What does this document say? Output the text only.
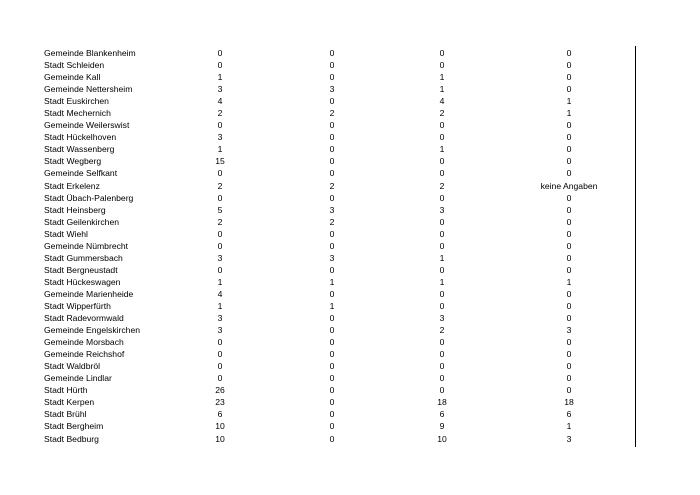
Gemeinde Blankenheim	0	0	0	0
Stadt Schleiden	0	0	0	0
Gemeinde Kall	1	0	1	0
Gemeinde Nettersheim	3	3	1	0
Stadt Euskirchen	4	0	4	1
Stadt Mechernich	2	2	2	1
Gemeinde Weilerswist	0	0	0	0
Stadt Hückelhoven	3	0	0	0
Stadt Wassenberg	1	0	1	0
Stadt Wegberg	15	0	0	0
Gemeinde Selfkant	0	0	0	0
Stadt Erkelenz	2	2	2	keine Angaben
Stadt Übach-Palenberg	0	0	0	0
Stadt Heinsberg	5	3	3	0
Stadt Geilenkirchen	2	2	0	0
Stadt Wiehl	0	0	0	0
Gemeinde Nümbrecht	0	0	0	0
Stadt Gummersbach	3	3	1	0
Stadt Bergneustadt	0	0	0	0
Stadt Hückeswagen	1	1	1	1
Gemeinde Marienheide	4	0	0	0
Stadt Wipperfürth	1	1	0	0
Stadt Radevormwald	3	0	3	0
Gemeinde Engelskirchen	3	0	2	3
Gemeinde Morsbach	0	0	0	0
Gemeinde Reichshof	0	0	0	0
Stadt Waldbröl	0	0	0	0
Gemeinde Lindlar	0	0	0	0
Stadt Hürth	26	0	0	0
Stadt Kerpen	23	0	18	18
Stadt Brühl	6	0	6	6
Stadt Bergheim	10	0	9	1
Stadt Bedburg	10	0	10	3
